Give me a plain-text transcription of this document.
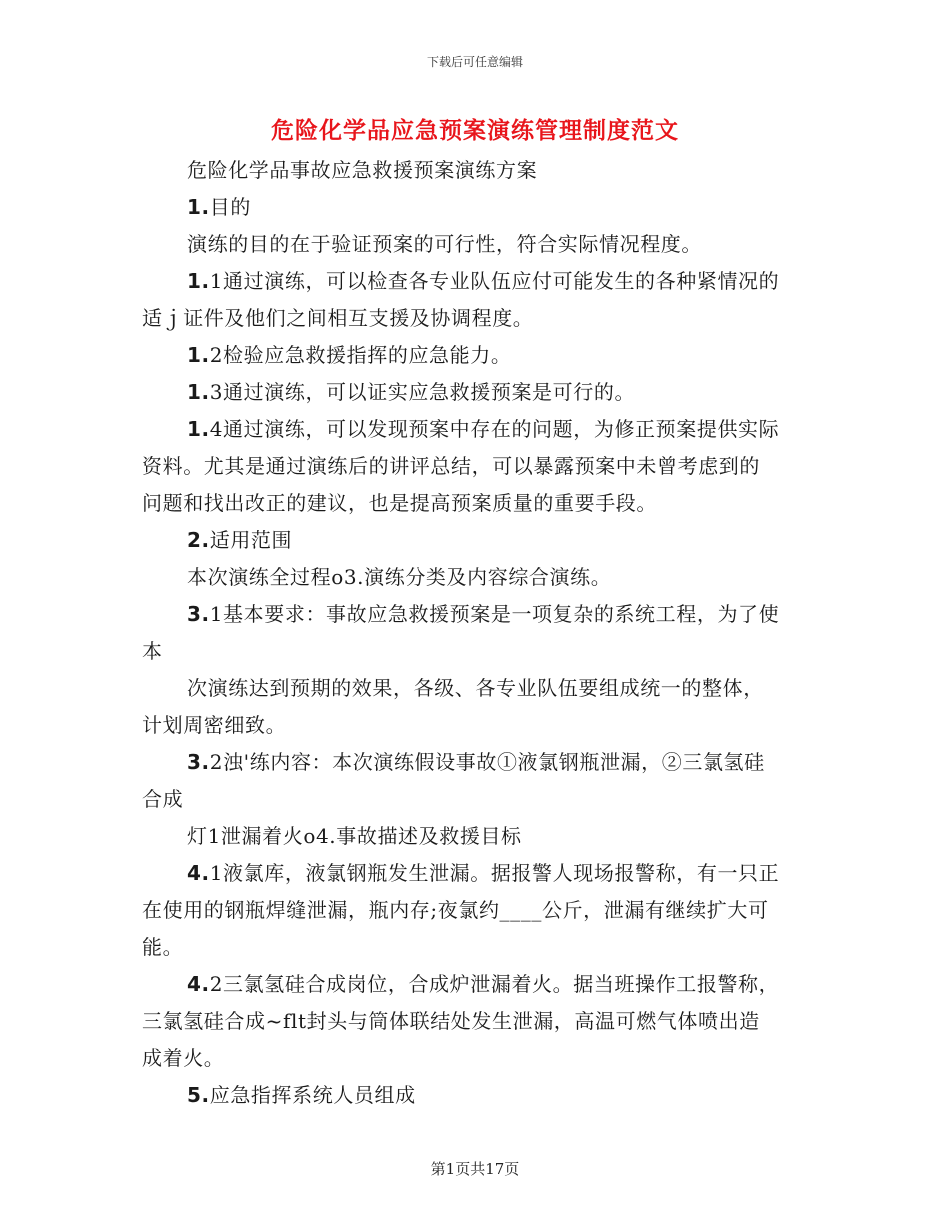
下载后可任意编辑
危险化学品应急预案演练管理制度范文
危险化学品事故应急救援预案演练方案
1.目的
演练的目的在于验证预案的可行性，符合实际情况程度。
1.1通过演练，可以检查各专业队伍应付可能发生的各种紧情况的
适ｊ证件及他们之间相互支援及协调程度。
1.2检验应急救援指挥的应急能力。
1.3通过演练，可以证实应急救援预案是可行的。
1.4通过演练，可以发现预案中存在的问题，为修正预案提供实际
资料。尤其是通过演练后的讲评总结，可以暴露预案中未曾考虑到的
问题和找出改正的建议，也是提高预案质量的重要手段。
2.适用范围
本次演练全过程o3.演练分类及内容综合演练。
3.1基本要求：事故应急救援预案是一项复杂的系统工程，为了使
本
次演练达到预期的效果，各级、各专业队伍要组成统一的整体，
计划周密细致。
3.2浊'练内容：本次演练假设事故①液氯钢瓶泄漏，②三氯氢硅
合成
灯1泄漏着火o4.事故描述及救援目标
4.1液氯库，液氯钢瓶发生泄漏。据报警人现场报警称，有一只正
在使用的钢瓶焊缝泄漏，瓶内存;夜氯约____公斤，泄漏有继续扩大可
能。
4.2三氯氢硅合成岗位，合成炉泄漏着火。据当班操作工报警称，
三氯氢硅合成~flt封头与筒体联结处发生泄漏，高温可燃气体喷出造
成着火。
5.应急指挥系统人员组成
第1页共17页
